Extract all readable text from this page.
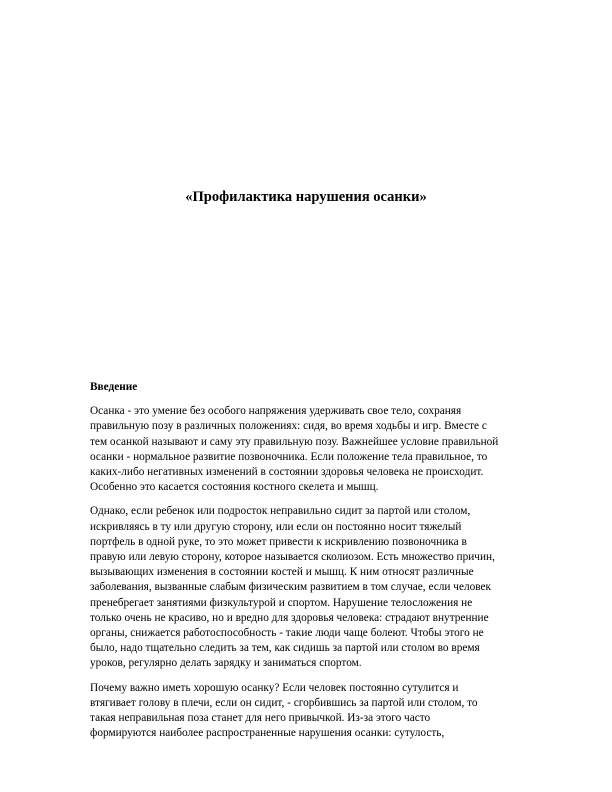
«Профилактика нарушения осанки»
Введение
Осанка - это умение без особого напряжения удерживать свое тело, сохраняя
правильную позу в различных положениях: сидя, во время ходьбы и игр. Вместе с
тем осанкой называют и саму эту правильную позу. Важнейшее условие правильной
осанки - нормальное развитие позвоночника. Если положение тела правильное, то
каких-либо негативных изменений в состоянии здоровья человека не происходит.
Особенно это касается состояния костного скелета и мышц.
Однако, если ребенок или подросток неправильно сидит за партой или столом,
искривляясь в ту или другую сторону, или если он постоянно носит тяжелый
портфель в одной руке, то это может привести к искривлению позвоночника в
правую или левую сторону, которое называется сколиозом. Есть множество причин,
вызывающих изменения в состоянии костей и мышц. К ним относят различные
заболевания, вызванные слабым физическим развитием в том случае, если человек
пренебрегает занятиями физкультурой и спортом. Нарушение телосложения не
только очень не красиво, но и вредно для здоровья человека: страдают внутренние
органы, снижается работоспособность - такие люди чаще болеют. Чтобы этого не
было, надо тщательно следить за тем, как сидишь за партой или столом во время
уроков, регулярно делать зарядку и заниматься спортом.
Почему важно иметь хорошую осанку? Если человек постоянно сутулится и
втягивает голову в плечи, если он сидит, - сгорбившись за партой или столом, то
такая неправильная поза станет для него привычкой. Из-за этого часто
формируются наиболее распространенные нарушения осанки: сутулость,
